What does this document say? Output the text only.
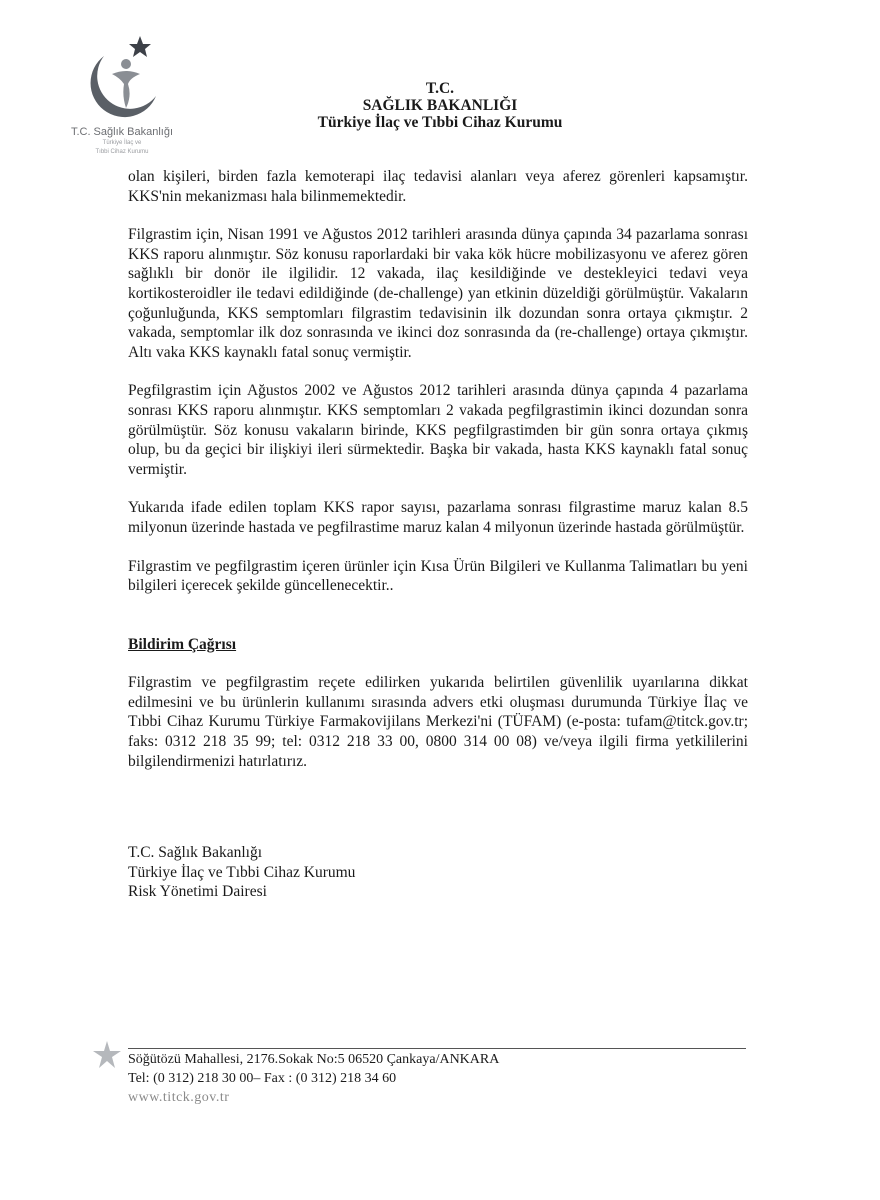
T.C. Sağlık Bakanlığı
Türkiye İlaç ve
Tıbbi Cihaz Kurumu
T.C.
SAĞLIK BAKANLIĞI
Türkiye İlaç ve Tıbbi Cihaz Kurumu

olan kişileri, birden fazla kemoterapi ilaç tedavisi alanları veya aferez görenleri kapsamıştır. KKS'nin mekanizması hala bilinmemektedir.

Filgrastim için, Nisan 1991 ve Ağustos 2012 tarihleri arasında dünya çapında 34 pazarlama sonrası KKS raporu alınmıştır. Söz konusu raporlardaki bir vaka kök hücre mobilizasyonu ve aferez gören sağlıklı bir donör ile ilgilidir. 12 vakada, ilaç kesildiğinde ve destekleyici tedavi veya kortikosteroidler ile tedavi edildiğinde (de-challenge) yan etkinin düzeldiği görülmüştür. Vakaların çoğunluğunda, KKS semptomları filgrastim tedavisinin ilk dozundan sonra ortaya çıkmıştır. 2 vakada, semptomlar ilk doz sonrasında ve ikinci doz sonrasında da (re-challenge) ortaya çıkmıştır. Altı vaka KKS kaynaklı fatal sonuç vermiştir.

Pegfilgrastim için Ağustos 2002 ve Ağustos 2012 tarihleri arasında dünya çapında 4 pazarlama sonrası KKS raporu alınmıştır. KKS semptomları 2 vakada pegfilgrastimin ikinci dozundan sonra görülmüştür. Söz konusu vakaların birinde, KKS pegfilgrastimden bir gün sonra ortaya çıkmış olup, bu da geçici bir ilişkiyi ileri sürmektedir. Başka bir vakada, hasta KKS kaynaklı fatal sonuç vermiştir.

Yukarıda ifade edilen toplam KKS rapor sayısı, pazarlama sonrası filgrastime maruz kalan 8.5 milyonun üzerinde hastada ve pegfilrastime maruz kalan 4 milyonun üzerinde hastada görülmüştür.

Filgrastim ve pegfilgrastim içeren ürünler için Kısa Ürün Bilgileri ve Kullanma Talimatları bu yeni bilgileri içerecek şekilde güncellenecektir..

Bildirim Çağrısı

Filgrastim ve pegfilgrastim reçete edilirken yukarıda belirtilen güvenlilik uyarılarına dikkat edilmesini ve bu ürünlerin kullanımı sırasında advers etki oluşması durumunda Türkiye İlaç ve Tıbbi Cihaz Kurumu Türkiye Farmakovijilans Merkezi'ni (TÜFAM) (e-posta: tufam@titck.gov.tr; faks: 0312 218 35 99; tel: 0312 218 33 00, 0800 314 00 08) ve/veya ilgili firma yetkililerini bilgilendirmenizi hatırlatırız.

T.C. Sağlık Bakanlığı
Türkiye İlaç ve Tıbbi Cihaz Kurumu
Risk Yönetimi Dairesi
Söğütözü Mahallesi, 2176.Sokak No:5 06520 Çankaya/ANKARA
Tel: (0 312) 218 30 00– Fax : (0 312) 218 34 60
www.titck.gov.tr
